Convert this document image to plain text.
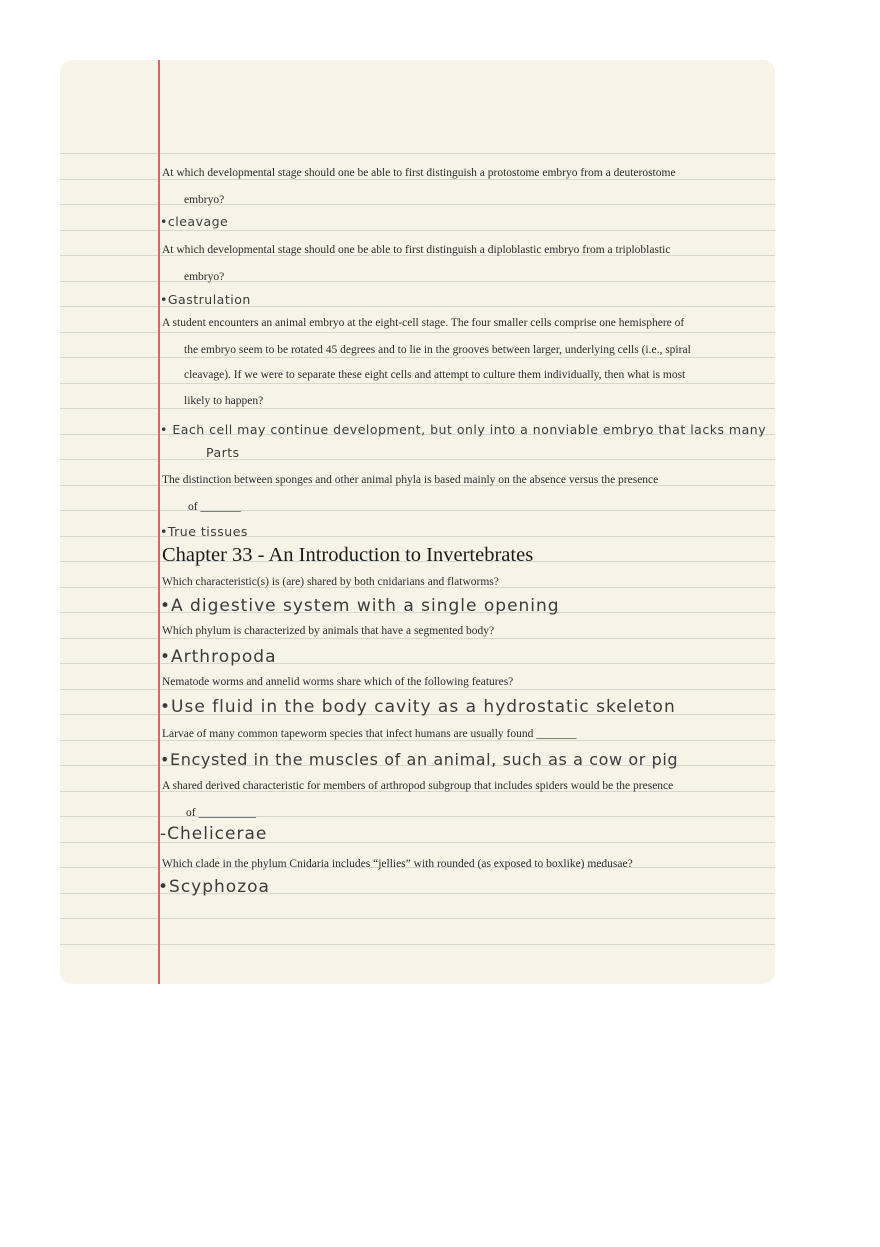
At which developmental stage should one be able to first distinguish a protostome embryo from a deuterostome
embryo?
•cleavage
At which developmental stage should one be able to first distinguish a diploblastic embryo from a triploblastic
embryo?
•Gastrulation
A student encounters an animal embryo at the eight-cell stage. The four smaller cells comprise one hemisphere of
the embryo seem to be rotated 45 degrees and to lie in the grooves between larger, underlying cells (i.e., spiral
cleavage). If we were to separate these eight cells and attempt to culture them individually, then what is most
likely to happen?
• Each cell may continue development, but only into a nonviable embryo that lacks many
Parts
The distinction between sponges and other animal phyla is based mainly on the absence versus the presence
of _______
•True tissues
Chapter 33 - An Introduction to Invertebrates
Which characteristic(s) is (are) shared by both cnidarians and flatworms?
•A digestive system with a single opening
Which phylum is characterized by animals that have a segmented body?
•Arthropoda
Nematode worms and annelid worms share which of the following features?
•Use fluid in the body cavity as a hydrostatic skeleton
Larvae of many common tapeworm species that infect humans are usually found _______
•Encysted in the muscles of an animal, such as a cow or pig
A shared derived characteristic for members of arthropod subgroup that includes spiders would be the presence
of __________
-Chelicerae
Which clade in the phylum Cnidaria includes “jellies” with rounded (as exposed to boxlike) medusae?
•Scyphozoa
